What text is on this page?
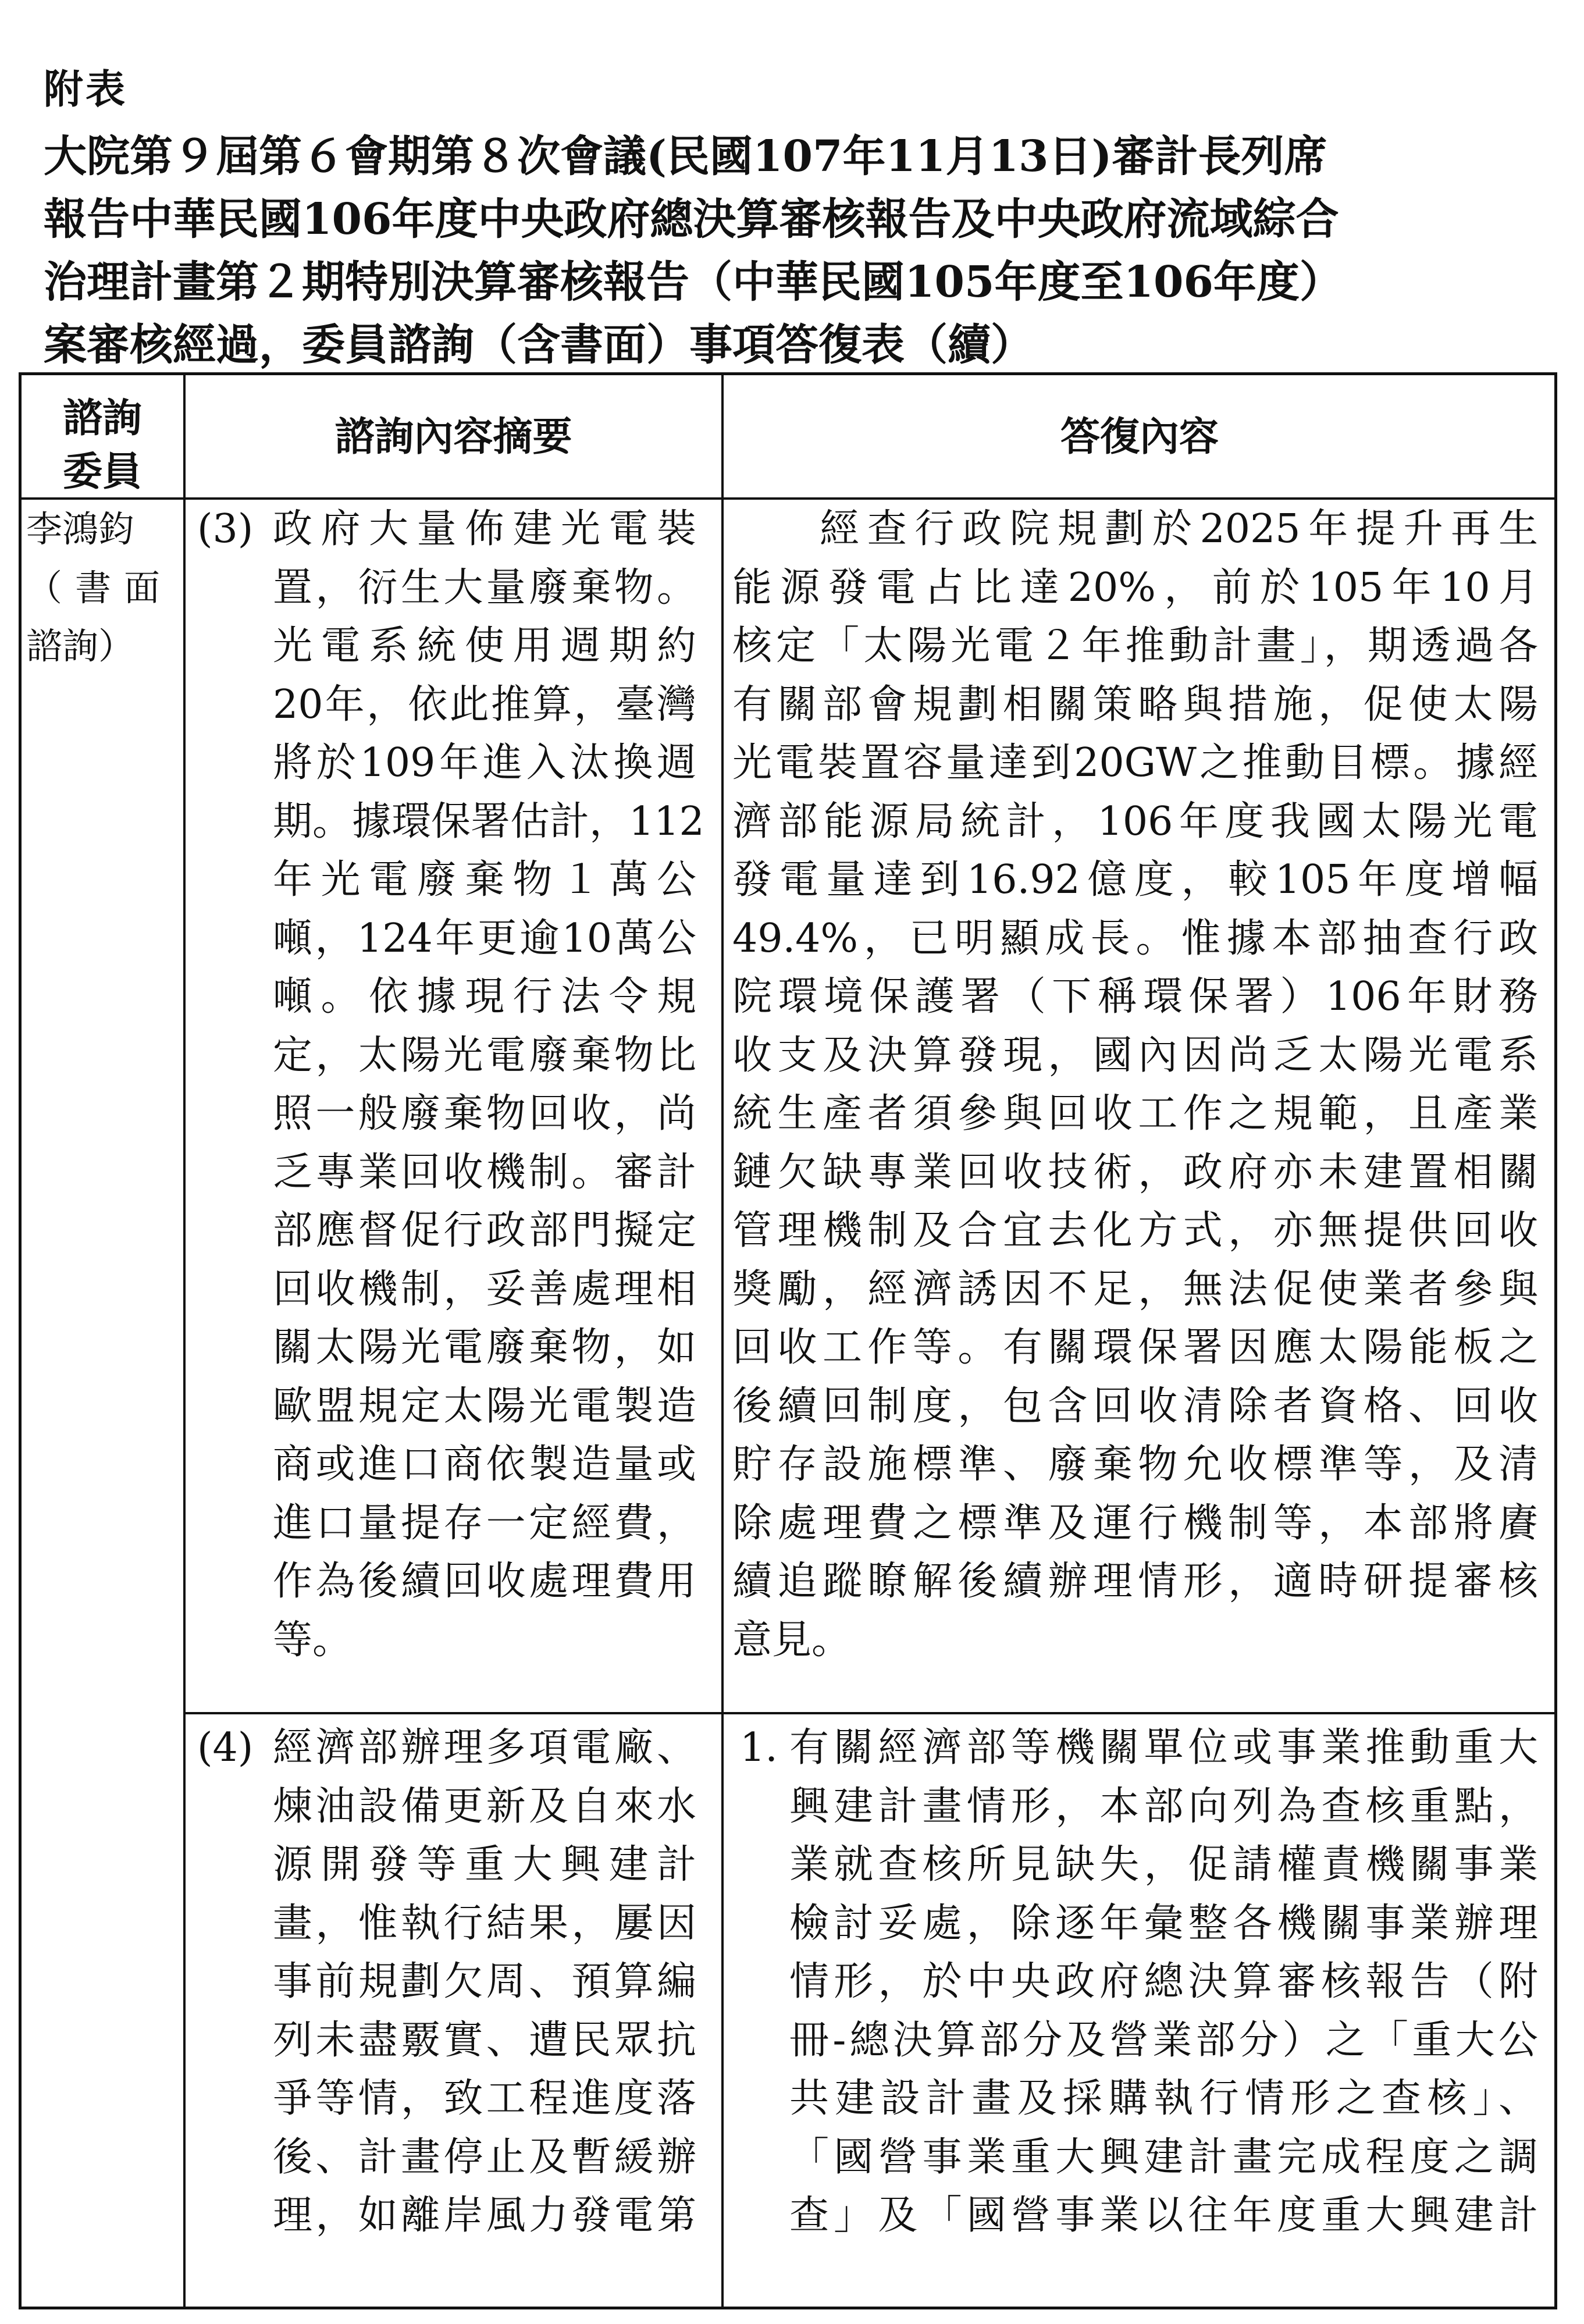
附表
大院第９屆第６會期第８次會議(民國107年11月13日)審計長列席
報告中華民國106年度中央政府總決算審核報告及中央政府流域綜合
治理計畫第２期特別決算審核報告（中華民國105年度至106年度）
案審核經過，委員諮詢（含書面）事項答復表（續）
諮詢
委員
諮詢內容摘要	答復內容
李鴻鈞
（書面
諮詢）
(3) 政府大量佈建光電裝
置，衍生大量廢棄物。
光電系統使用週期約
20年，依此推算，臺灣
將於109年進入汰換週
期。據環保署估計，112
年光電廢棄物１萬公
噸，124年更逾10萬公
噸。依據現行法令規
定，太陽光電廢棄物比
照一般廢棄物回收，尚
乏專業回收機制。審計
部應督促行政部門擬定
回收機制，妥善處理相
關太陽光電廢棄物，如
歐盟規定太陽光電製造
商或進口商依製造量或
進口量提存一定經費，
作為後續回收處理費用
等。
經查行政院規劃於2025年提升再生
能源發電占比達20%，前於105年10月
核定「太陽光電２年推動計畫」，期透過各
有關部會規劃相關策略與措施，促使太陽
光電裝置容量達到20GW之推動目標。據經
濟部能源局統計，106年度我國太陽光電
發電量達到16.92億度，較105年度增幅
49.4%，已明顯成長。惟據本部抽查行政
院環境保護署（下稱環保署）106年財務
收支及決算發現，國內因尚乏太陽光電系
統生產者須參與回收工作之規範，且產業
鏈欠缺專業回收技術，政府亦未建置相關
管理機制及合宜去化方式，亦無提供回收
獎勵，經濟誘因不足，無法促使業者參與
回收工作等。有關環保署因應太陽能板之
後續回制度，包含回收清除者資格、回收
貯存設施標準、廢棄物允收標準等，及清
除處理費之標準及運行機制等，本部將賡
續追蹤瞭解後續辦理情形，適時研提審核
意見。
(4) 經濟部辦理多項電廠、
煉油設備更新及自來水
源開發等重大興建計
畫，惟執行結果，屢因
事前規劃欠周、預算編
列未盡覈實、遭民眾抗
爭等情，致工程進度落
後、計畫停止及暫緩辦
理，如離岸風力發電第
1. 有關經濟部等機關單位或事業推動重大
興建計畫情形，本部向列為查核重點，
業就查核所見缺失，促請權責機關事業
檢討妥處，除逐年彙整各機關事業辦理
情形，於中央政府總決算審核報告（附
冊-總決算部分及營業部分）之「重大公
共建設計畫及採購執行情形之查核」、
「國營事業重大興建計畫完成程度之調
查」及「國營事業以往年度重大興建計
